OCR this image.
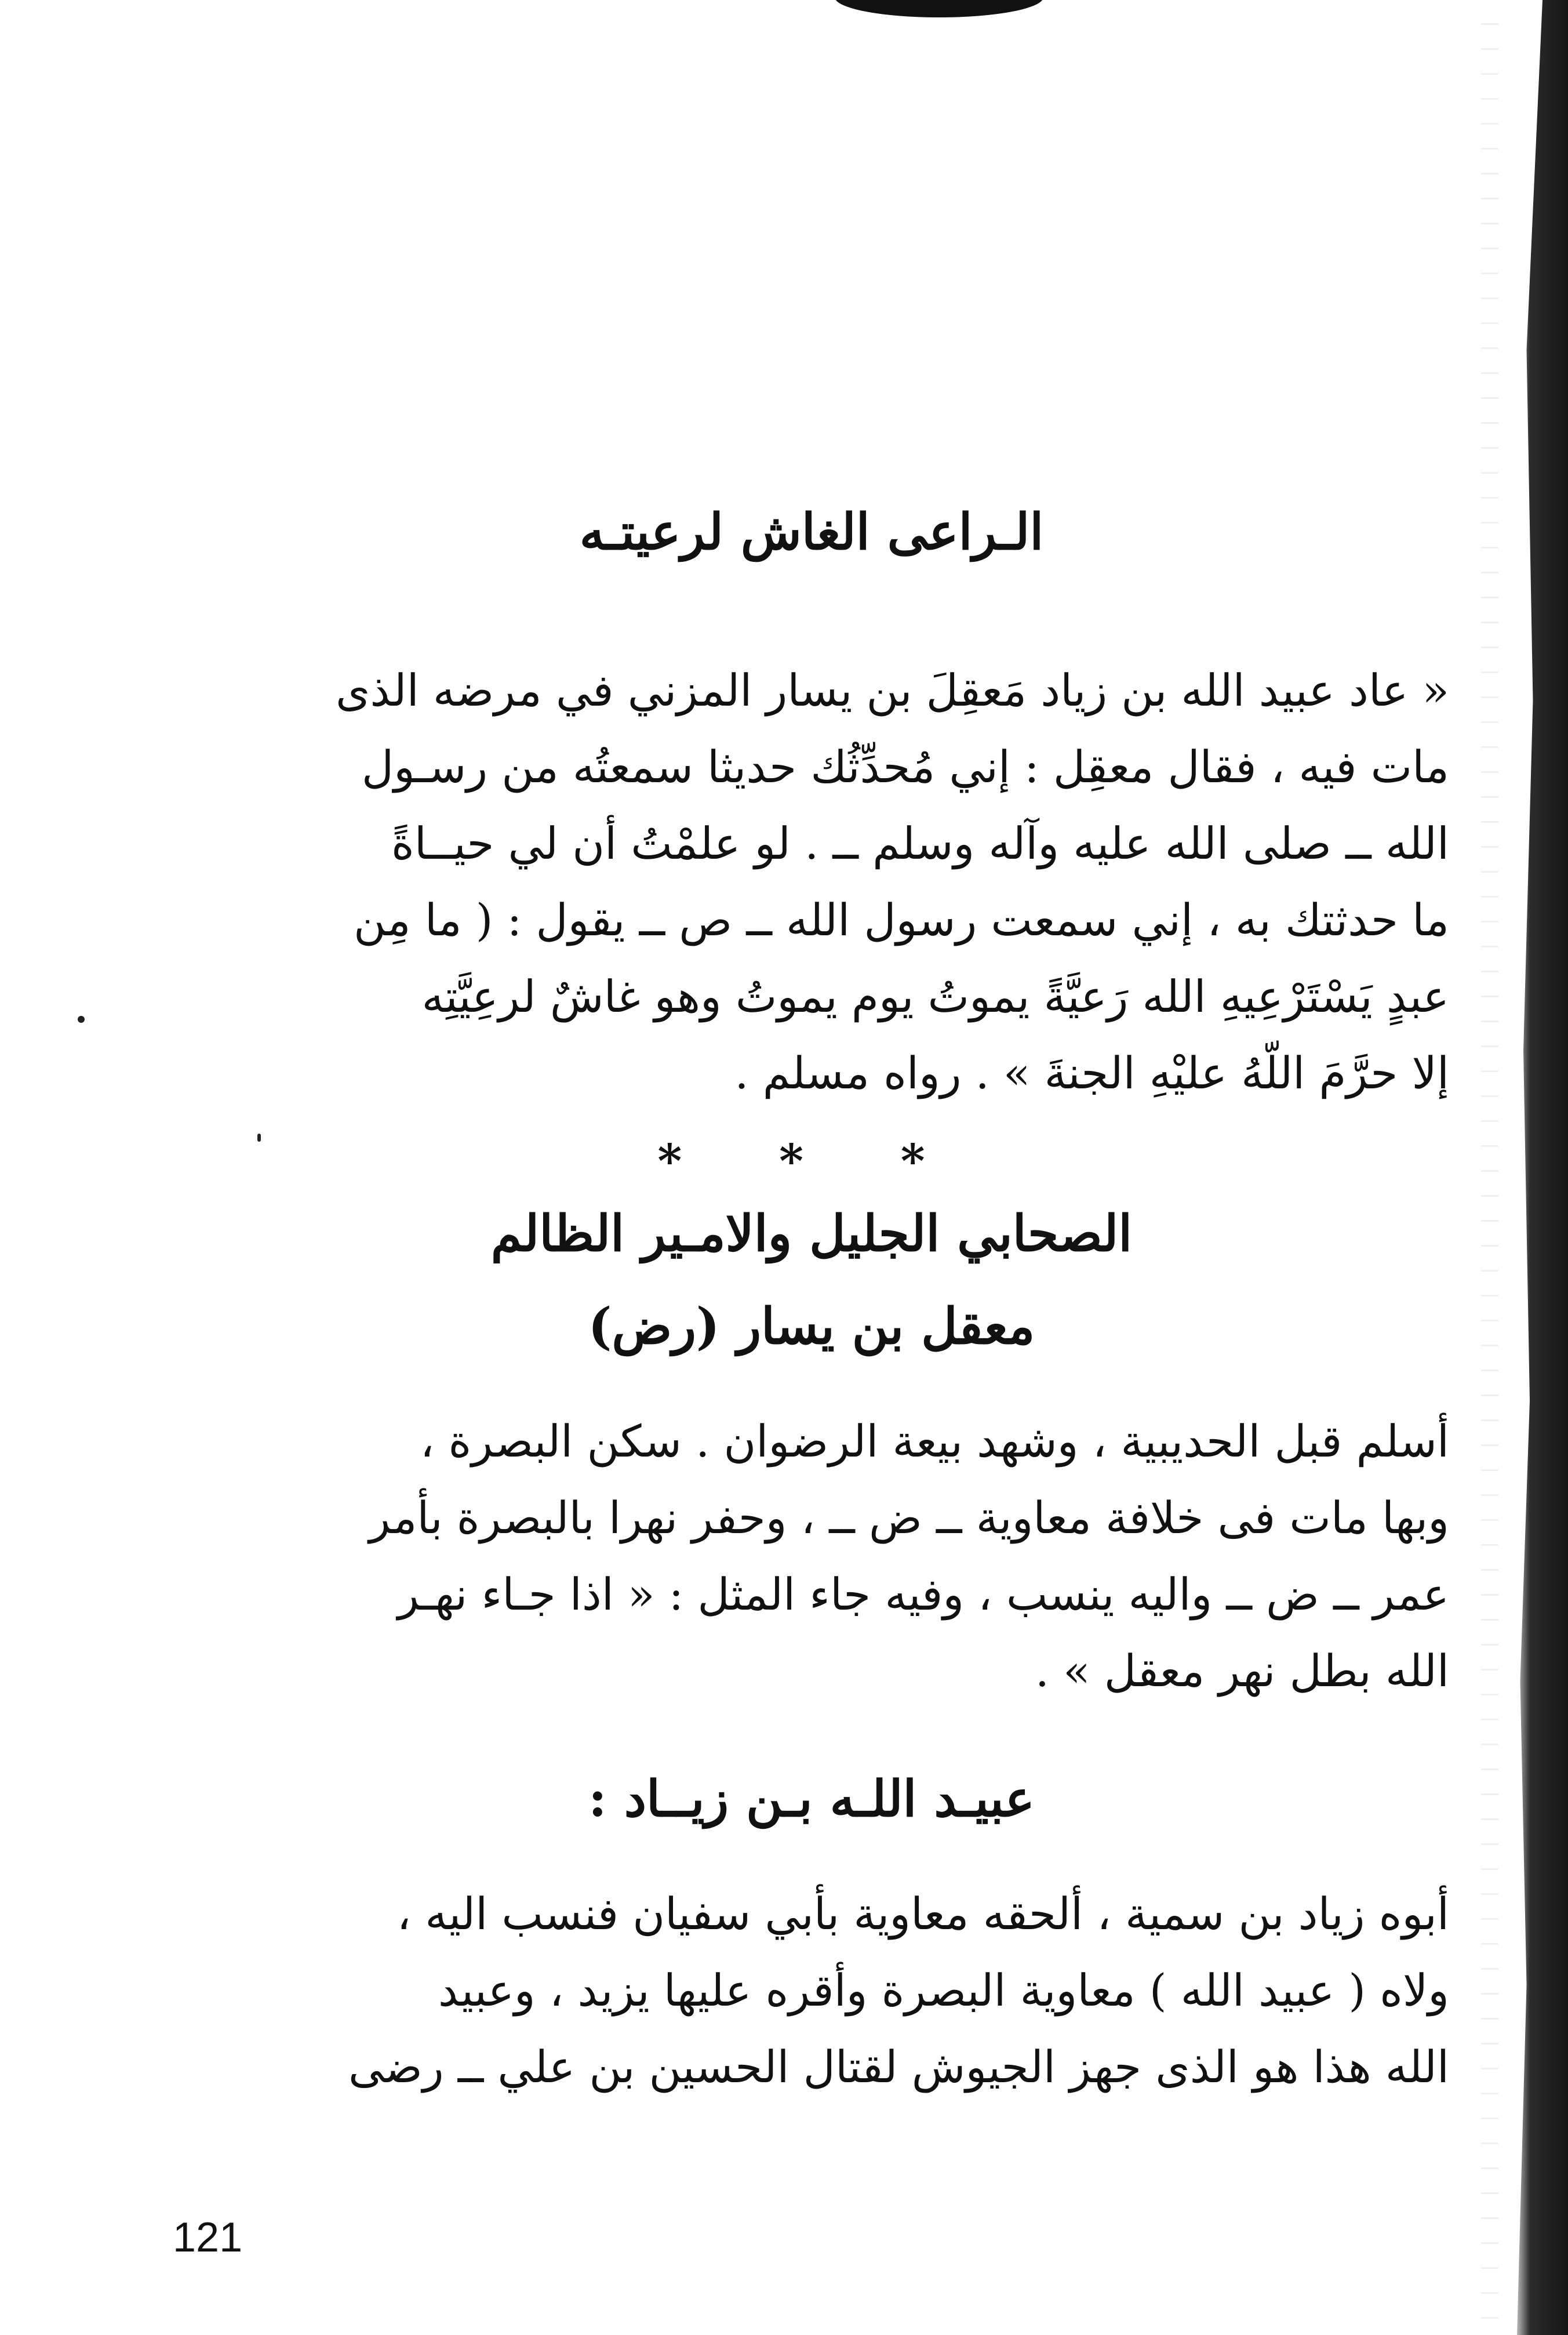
الـراعى الغاش لرعيتـه
« عاد عبيد الله بن زياد مَعقِلَ بن يسار المزني في مرضه الذى
مات فيه ، فقال معقِل : إني مُحدِّثُك حديثا سمعتُه من رسـول
الله ــ صلى الله عليه وآله وسلم ــ . لو علمْتُ أن لي حيــاةً
ما حدثتك به ، إني سمعت رسول الله ــ ص ــ يقول : ( ما مِن
عبدٍ يَسْتَرْعِيهِ الله رَعيَّةً يموتُ يوم يموتُ وهو غاشٌ لرعِيَّتِه
إلا حرَّمَ اللّهُ عليْهِ الجنةَ » . رواه مسلم .
* * *
الصحابي الجليل والامـير الظالم
معقل بن يسار (رض)
أسلم قبل الحديبية ، وشهد بيعة الرضوان . سكن البصرة ،
وبها مات فى خلافة معاوية ــ ض ــ ، وحفر نهرا بالبصرة بأمر
عمر ــ ض ــ واليه ينسب ، وفيه جاء المثل : « اذا جـاء نهـر
الله بطل نهر معقل » .
عبيـد اللـه بـن زيــاد :
أبوه زياد بن سمية ، ألحقه معاوية بأبي سفيان فنسب اليه ،
ولاه ( عبيد الله ) معاوية البصرة وأقره عليها يزيد ، وعبيد
الله هذا هو الذى جهز الجيوش لقتال الحسين بن علي ــ رضى
121
